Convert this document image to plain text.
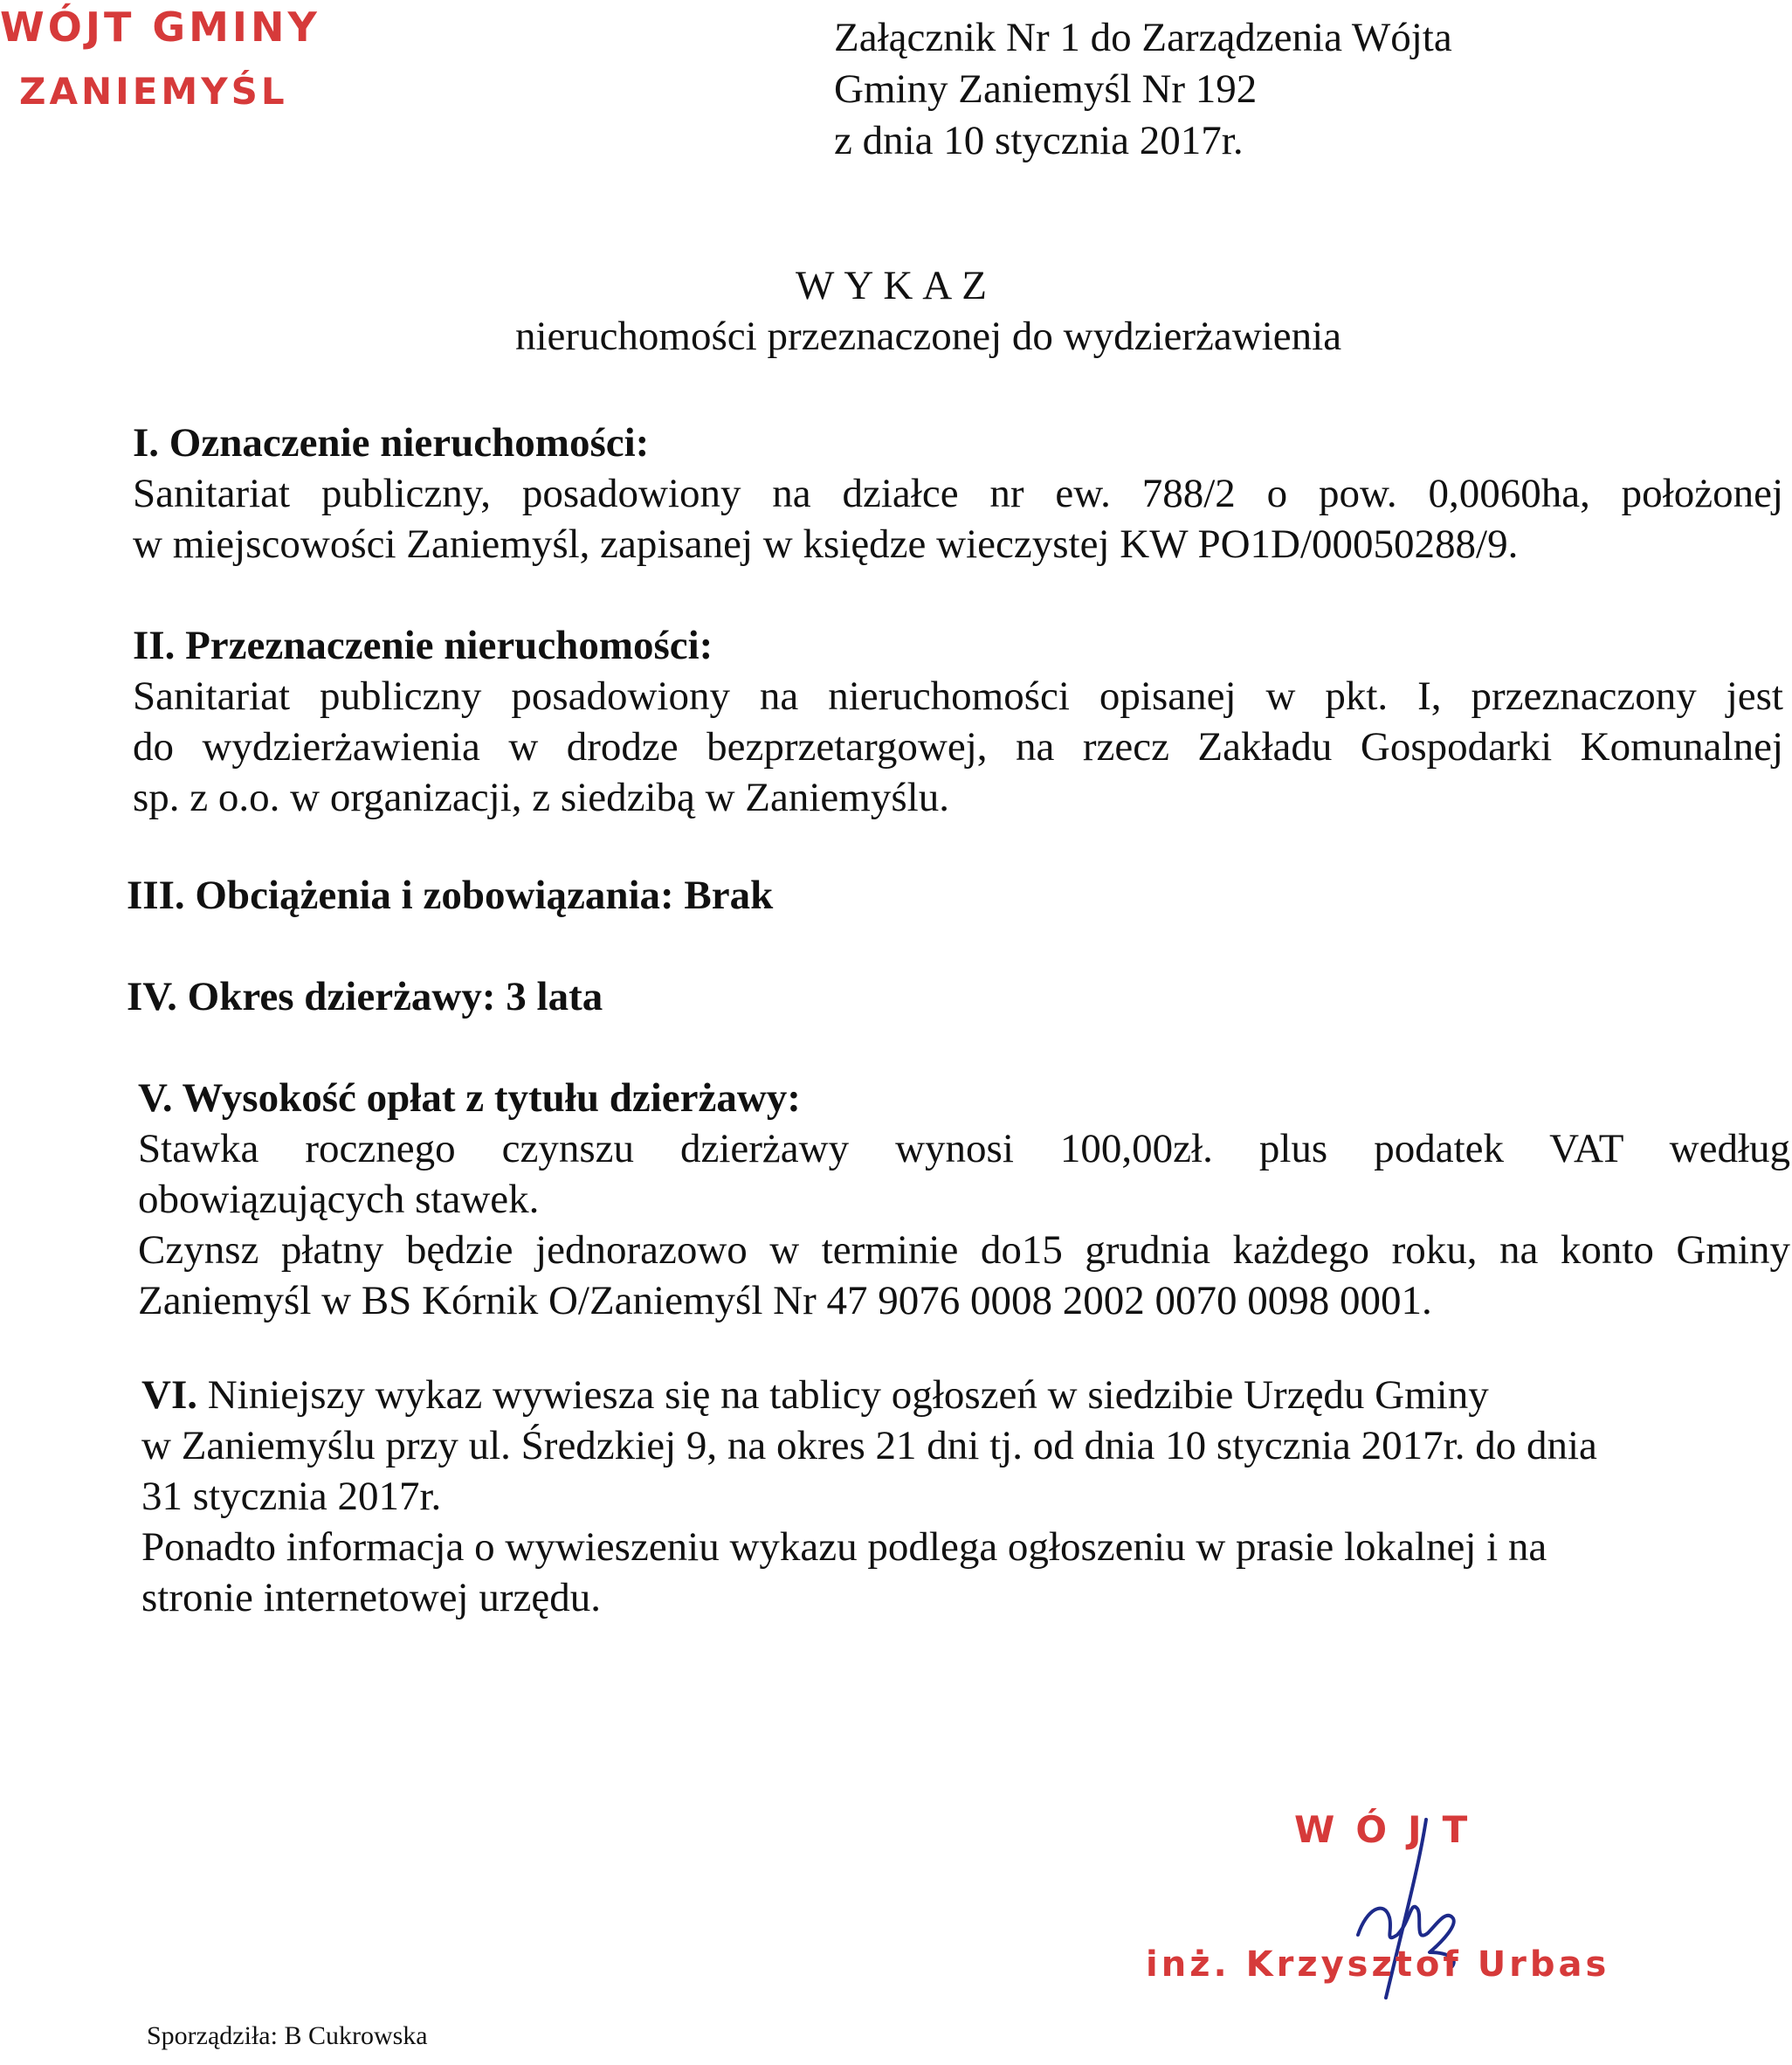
WÓJT GMINY
ZANIEMYŚL
Załącznik Nr 1 do Zarządzenia Wójta
Gminy Zaniemyśl Nr 192
z dnia 10 stycznia 2017r.
WYKAZ
nieruchomości przeznaczonej do wydzierżawienia
I. Oznaczenie nieruchomości:
Sanitariat publiczny, posadowiony na działce nr ew. 788/2 o pow. 0,0060ha, położonej
w miejscowości Zaniemyśl, zapisanej w księdze wieczystej KW PO1D/00050288/9.
II. Przeznaczenie nieruchomości:
Sanitariat publiczny posadowiony na nieruchomości opisanej w pkt. I, przeznaczony jest
do wydzierżawienia w drodze bezprzetargowej, na rzecz Zakładu Gospodarki Komunalnej
sp. z o.o. w organizacji, z siedzibą w Zaniemyślu.
III. Obciążenia i zobowiązania: Brak
IV. Okres dzierżawy: 3 lata
V. Wysokość opłat z tytułu dzierżawy:
Stawka rocznego czynszu dzierżawy wynosi 100,00zł. plus podatek VAT według
obowiązujących stawek.
Czynsz płatny będzie jednorazowo w terminie do15 grudnia każdego roku, na konto Gminy
Zaniemyśl w BS Kórnik O/Zaniemyśl Nr 47 9076 0008 2002 0070 0098 0001.
VI. Niniejszy wykaz wywiesza się na tablicy ogłoszeń w siedzibie Urzędu Gminy
w Zaniemyślu przy ul. Średzkiej 9, na okres 21 dni tj. od dnia 10 stycznia 2017r. do dnia
31 stycznia 2017r.
Ponadto informacja o wywieszeniu wykazu podlega ogłoszeniu w prasie lokalnej i na
stronie internetowej urzędu.
WÓJT
inż. Krzysztof Urbas
Sporządziła: B Cukrowska
